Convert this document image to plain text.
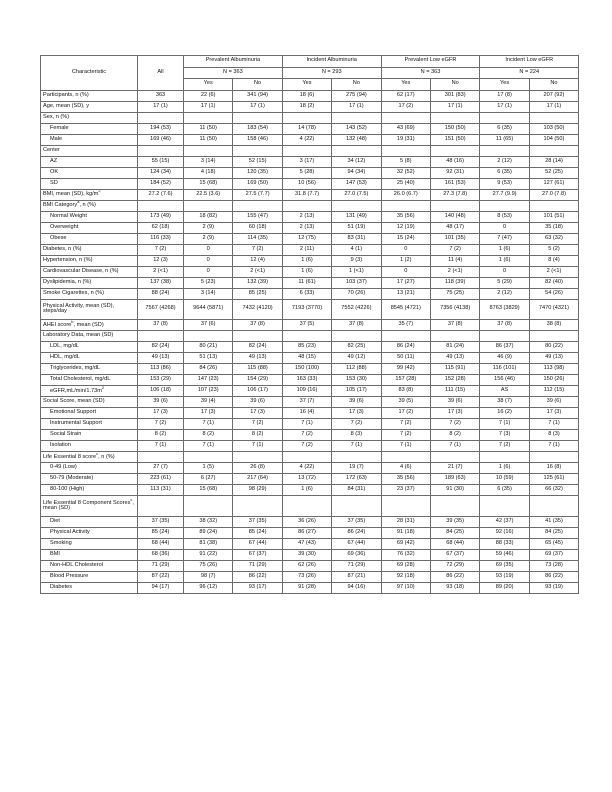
Characteristic	All	Prevalent Albuminuria		Incident Albuminuria		Prevalent Low eGFR		Incident Low eGFR	
		N = 363		N = 293		N = 363		N = 224	
		Yes	No	Yes	No	Yes	No	Yes	No
Participants, n (%)	363	22 (6)	341 (94)	18 (6)	275 (94)	62 (17)	301 (83)	17 (8)	207 (92)
Age, mean (SD), y	17 (1)	17 (1)	17 (1)	18 (2)	17 (1)	17 (2)	17 (1)	17 (1)	17 (1)
Sex, n (%)									
Female	194 (53)	11 (50)	183 (54)	14 (78)	143 (52)	43 (69)	150 (50)	6 (35)	103 (50)
Male	169 (46)	11 (50)	158 (46)	4 (22)	132 (48)	19 (31)	151 (50)	11 (65)	104 (50)
Center									
AZ	55 (15)	3 (14)	52 (15)	3 (17)	34 (12)	5 (8)	48 (16)	2 (12)	28 (14)
OK	124 (34)	4 (18)	120 (35)	5 (28)	94 (34)	32 (52)	92 (31)	6 (35)	52 (25)
SD	184 (52)	15 (68)	169 (50)	10 (56)	147 (53)	25 (40)	161 (53)	9 (53)	127 (61)
BMI, mean (SD), $kg/m^2$	27.2 (7.6)	22.5 (3.6)	27.5 (7.7)	31.8 (7.7)	27.0 (7.5)	26.0 (6.7)	27.3 (7.8)	27.7 (9.9)	27.0 (7.8)
BMI Category$^a$, n (%)									
Normal Weight	173 (49)	18 (82)	155 (47)	2 (13)	131 (49)	35 (56)	140 (48)	8 (53)	101 (51)
Overweight	62 (18)	2 (9)	60 (18)	2 (13)	51 (19)	12 (19)	48 (17)	0	35 (18)
Obese	116 (33)	2 (9)	114 (35)	12 (75)	83 (31)	15 (24)	101 (35)	7 (47)	63 (32)
Diabetes, n (%)	7 (2)	0	7 (2)	2 (11)	4 (1)	0	7 (2)	1 (6)	5 (2)
Hypertension, n (%)	12 (3)	0	12 (4)	1 (6)	9 (3)	1 (2)	11 (4)	1 (6)	8 (4)
Cardiovascular Disease, n (%)	2 (<1)	0	2 (<1)	1 (6)	1 (<1)	0	2 (<1)	0	2 (<1)
Dyslipidemia, n (%)	137 (38)	5 (23)	132 (39)	11 (61)	103 (37)	17 (27)	118 (39)	5 (29)	82 (40)
Smoke Cigarettes, n (%)	88 (24)	3 (14)	85 (25)	6 (33)	70 (26)	13 (21)	75 (25)	2 (12)	54 (26)
Physical Activity, mean (SD), steps/day	7567 (4268)	9644 (5871)	7432 (4120)	7193 (3770)	7552 (4226)	8545 (4721)	7356 (4138)	8763 (3829)	7470 (4321)
AHEI score$^b$, mean (SD)	37 (8)	37 (6)	37 (8)	37 (5)	37 (8)	35 (7)	37 (8)	37 (8)	38 (8)
Laboratory Data, mean (SD)									
LDL, mg/dL	82 (24)	80 (21)	82 (24)	85 (23)	82 (25)	86 (24)	81 (24)	86 (37)	80 (22)
HDL, mg/dL	49 (13)	51 (13)	49 (13)	48 (15)	49 (12)	50 (11)	49 (13)	46 (9)	49 (13)
Triglycerides, mg/dL	113 (86)	84 (26)	115 (88)	150 (100)	112 (88)	99 (42)	115 (91)	116 (101)	113 (98)
Total Cholesterol, mg/dL	153 (29)	147 (23)	154 (29)	163 (33)	153 (30)	157 (28)	152 (28)	156 (46)	150 (26)
$eGFR,mL/\min/1.73m^2$	106 (18)	107 (23)	106 (17)	109 (16)	105 (17)	83 (8)	111 (15)	AS	112 (15)
Social Score, mean (SD)	39 (6)	39 (4)	39 (6)	37 (7)	39 (6)	39 (5)	39 (6)	38 (7)	39 (6)
Emotional Support	17 (3)	17 (3)	17 (3)	16 (4)	17 (3)	17 (2)	17 (3)	16 (2)	17 (3)
Instrumental Support	7 (2)	7 (1)	7 (2)	7 (1)	7 (2)	7 (2)	7 (2)	7 (1)	7 (1)
Social Strain	8 (2)	8 (2)	8 (2)	7 (2)	8 (3)	7 (2)	8 (2)	7 (3)	8 (3)
Isolation	7 (1)	7 (1)	7 (1)	7 (2)	7 (1)	7 (1)	7 (1)	7 (2)	7 (1)
Life Essential 8 score$^c$, n (%)									
0-49 (Low)	27 (7)	1 (5)	26 (8)	4 (22)	19 (7)	4 (6)	21 (7)	1 (6)	16 (8)
50-79 (Moderate)	223 (61)	6 (27)	217 (64)	13 (72)	172 (63)	35 (56)	189 (63)	10 (59)	125 (61)
80-100 (High)	113 (31)	15 (68)	98 (29)	1 (6)	84 (31)	23 (37)	91 (30)	6 (35)	66 (32)
Life Essential 8 Component Scores$^c$, mean (SD)									
Diet	37 (35)	38 (32)	37 (35)	36 (26)	37 (35)	28 (31)	39 (35)	42 (37)	41 (35)
Physical Activity	85 (24)	89 (24)	85 (24)	86 (27)	86 (24)	91 (18)	84 (25)	92 (16)	84 (25)
Smoking	68 (44)	81 (38)	67 (44)	47 (43)	67 (44)	69 (42)	68 (44)	88 (33)	65 (45)
BMI	68 (36)	91 (22)	67 (37)	39 (30)	69 (36)	76 (32)	67 (37)	59 (46)	69 (37)
Non-HDL Cholesterol	71 (29)	75 (26)	71 (29)	62 (26)	71 (29)	69 (28)	72 (29)	69 (35)	73 (28)
Blood Pressure	87 (22)	98 (7)	86 (22)	73 (26)	87 (21)	92 (18)	86 (22)	93 (19)	86 (22)
Diabetes	94 (17)	96 (12)	93 (17)	91 (28)	94 (16)	97 (10)	93 (18)	89 (20)	93 (19)
